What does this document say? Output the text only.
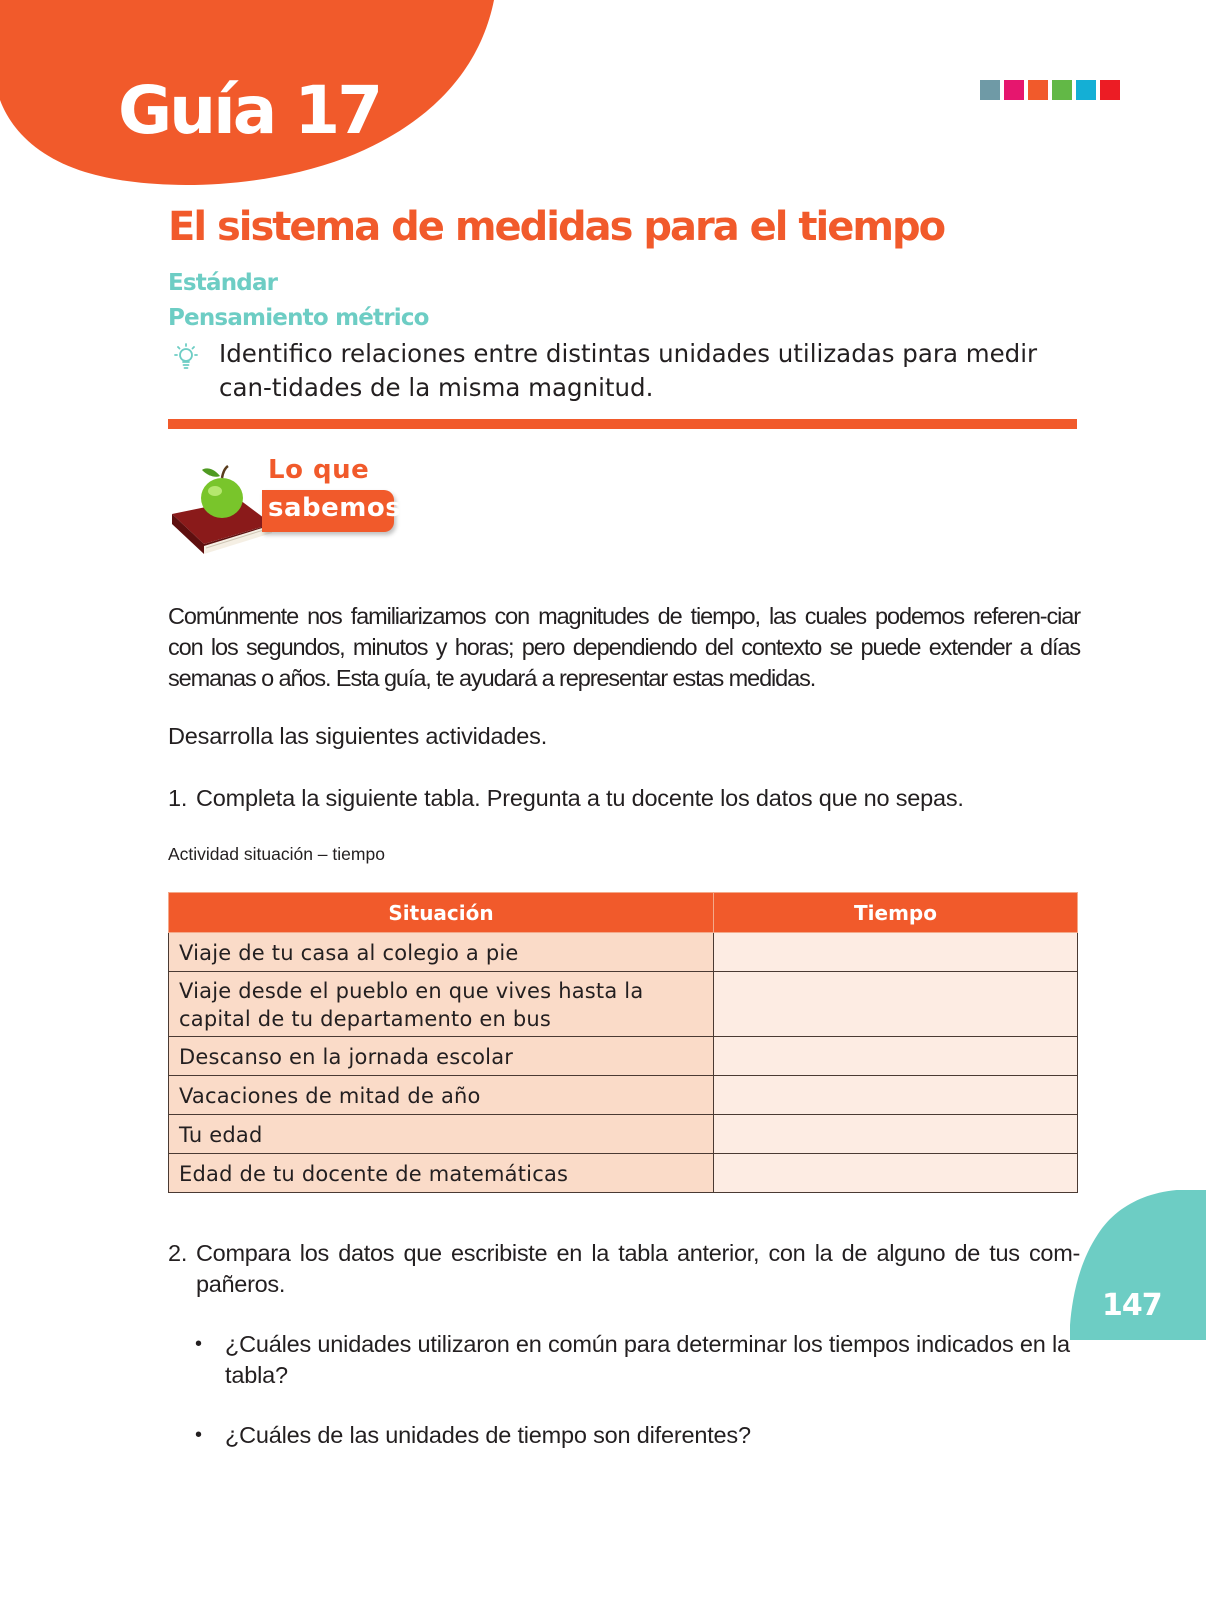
Guía 17
El sistema de medidas para el tiempo
Estándar
Pensamiento métrico

Identifico relaciones entre distintas unidades utilizadas para medir can-tidades de la misma magnitud.

Lo que
sabemos

Comúnmente nos familiarizamos con magnitudes de tiempo, las cuales podemos referen-ciar con los segundos, minutos y horas; pero dependiendo del contexto se puede extender a días semanas o años. Esta guía, te ayudará a representar estas medidas.

Desarrolla las siguientes actividades.

1. Completa la siguiente tabla. Pregunta a tu docente los datos que no sepas.
Actividad situación – tiempo
Situación	Tiempo
Viaje de tu casa al colegio a pie	
Viaje desde el pueblo en que vives hasta la capital de tu departamento en bus	
Descanso en la jornada escolar	
Vacaciones de mitad de año	
Tu edad	
Edad de tu docente de matemáticas	
2. Compara los datos que escribiste en la tabla anterior, con la de alguno de tus com-pañeros.
• ¿Cuáles unidades utilizaron en común para determinar los tiempos indicados en la tabla?
• ¿Cuáles de las unidades de tiempo son diferentes?
147
